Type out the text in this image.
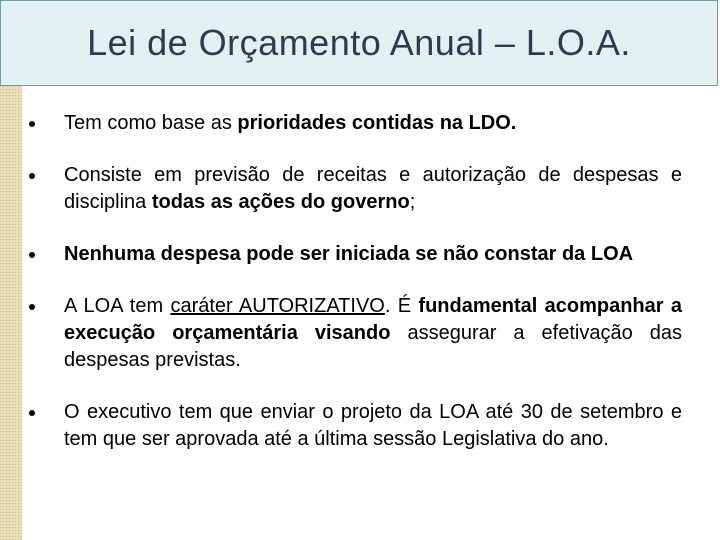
Lei de Orçamento Anual – L.O.A.
Tem como base as prioridades contidas na LDO.
Consiste em previsão de receitas e autorização de despesas e disciplina todas as ações do governo;
Nenhuma despesa pode ser iniciada se não constar da LOA
A LOA tem caráter AUTORIZATIVO. É fundamental acompanhar a execução orçamentária visando assegurar a efetivação das despesas previstas.
O executivo tem que enviar o projeto da LOA até 30 de setembro e tem que ser aprovada até a última sessão Legislativa do ano.
